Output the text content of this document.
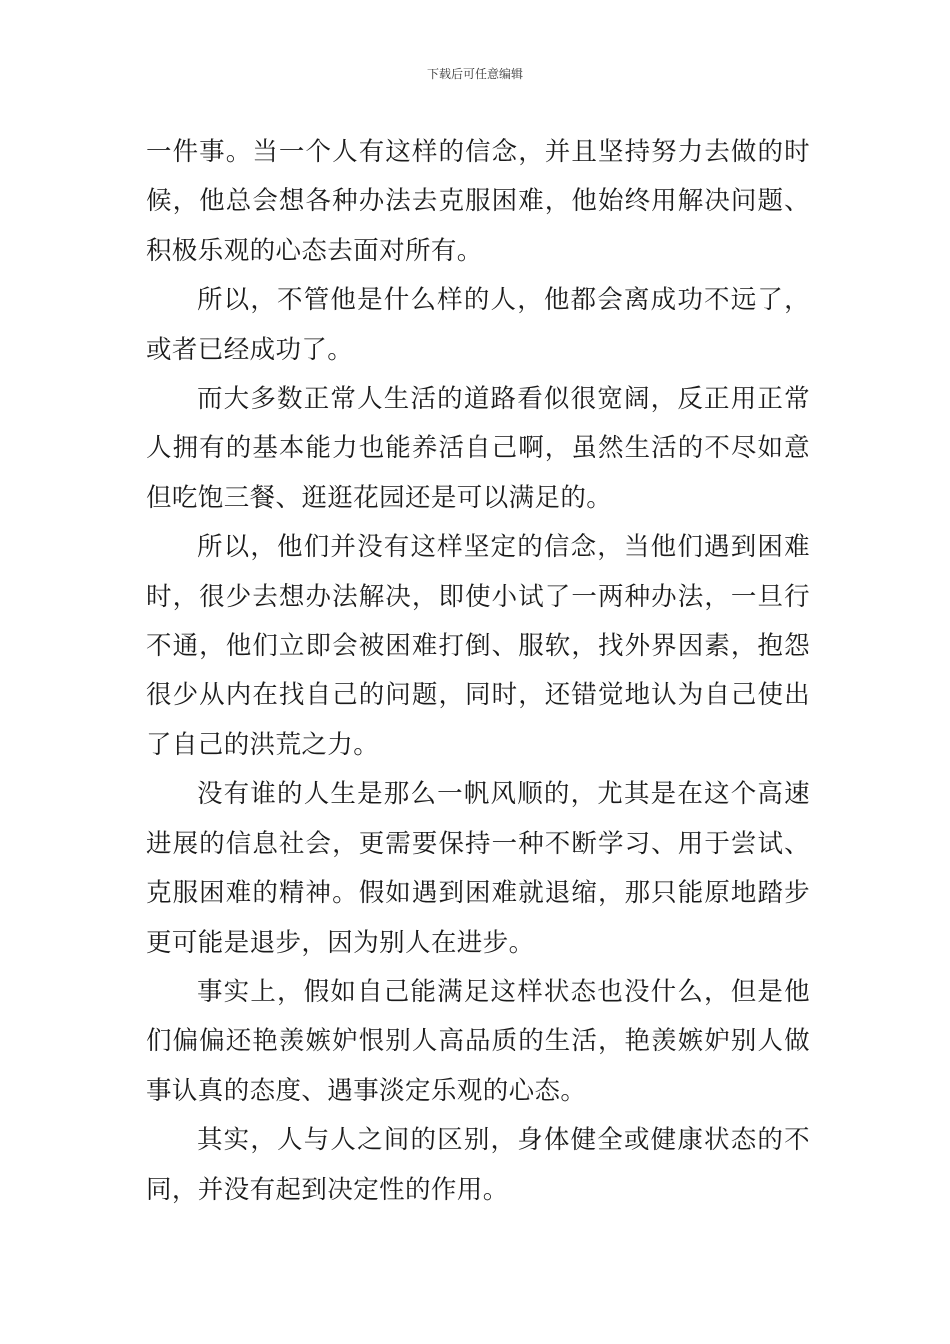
下载后可任意编辑

一件事。当一个人有这样的信念，并且坚持努力去做的时候，他总会想各种办法去克服困难，他始终用解决问题、积极乐观的心态去面对所有。

所以，不管他是什么样的人，他都会离成功不远了，或者已经成功了。

而大多数正常人生活的道路看似很宽阔，反正用正常人拥有的基本能力也能养活自己啊，虽然生活的不尽如意但吃饱三餐、逛逛花园还是可以满足的。

所以，他们并没有这样坚定的信念，当他们遇到困难时，很少去想办法解决，即使小试了一两种办法，一旦行不通，他们立即会被困难打倒、服软，找外界因素，抱怨很少从内在找自己的问题，同时，还错觉地认为自己使出了自己的洪荒之力。

没有谁的人生是那么一帆风顺的，尤其是在这个高速进展的信息社会，更需要保持一种不断学习、用于尝试、克服困难的精神。假如遇到困难就退缩，那只能原地踏步更可能是退步，因为别人在进步。

事实上，假如自己能满足这样状态也没什么，但是他们偏偏还艳羡嫉妒恨别人高品质的生活，艳羡嫉妒别人做事认真的态度、遇事淡定乐观的心态。

其实，人与人之间的区别，身体健全或健康状态的不同，并没有起到决定性的作用。
